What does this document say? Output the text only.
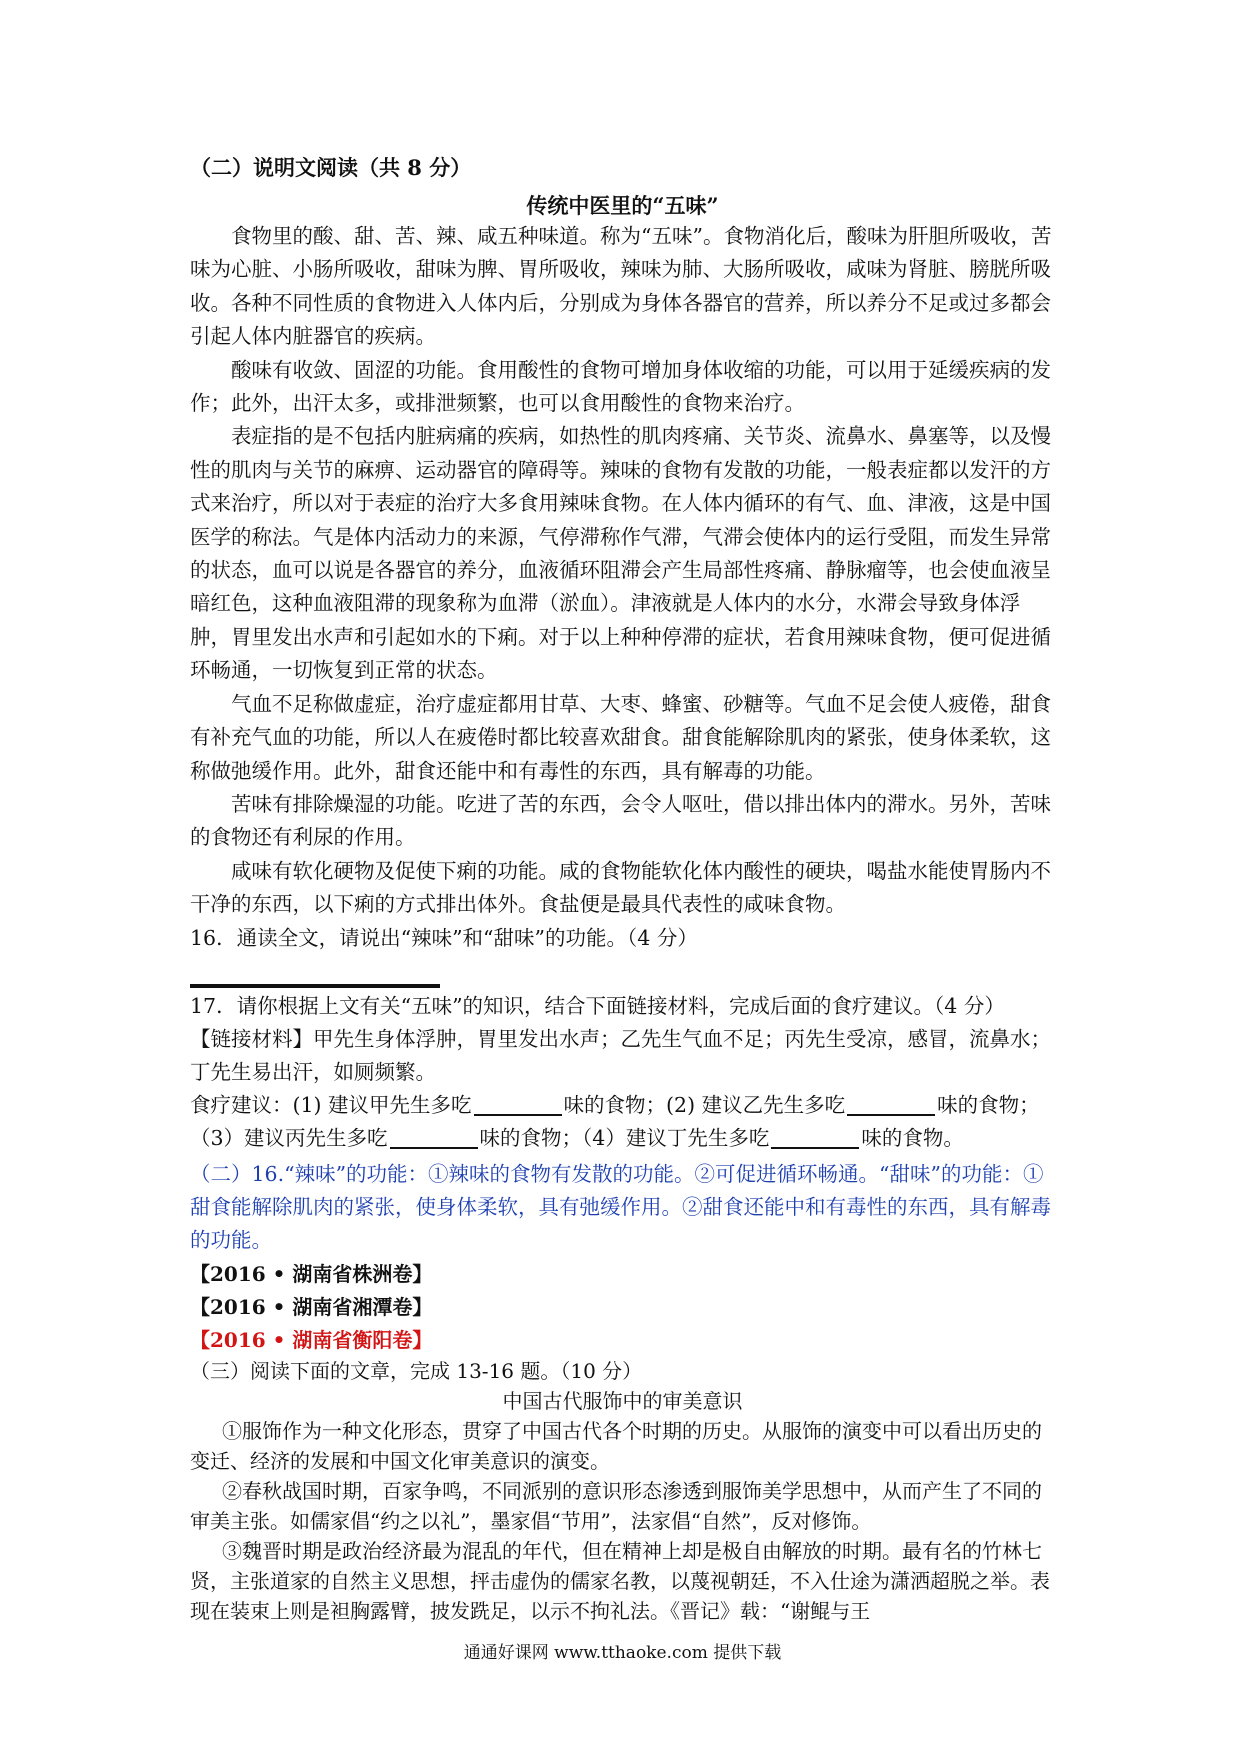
（二）说明文阅读（共 8 分）
传统中医里的“五味”

食物里的酸、甜、苦、辣、咸五种味道。称为“五味”。食物消化后，酸味为肝胆所吸收，苦味为心脏、小肠所吸收，甜味为脾、胃所吸收，辣味为肺、大肠所吸收，咸味为肾脏、膀胱所吸收。各种不同性质的食物进入人体内后，分别成为身体各器官的营养，所以养分不足或过多都会引起人体内脏器官的疾病。

酸味有收敛、固涩的功能。食用酸性的食物可增加身体收缩的功能，可以用于延缓疾病的发作；此外，出汗太多，或排泄频繁，也可以食用酸性的食物来治疗。

表症指的是不包括内脏病痛的疾病，如热性的肌肉疼痛、关节炎、流鼻水、鼻塞等，以及慢性的肌肉与关节的麻痹、运动器官的障碍等。辣味的食物有发散的功能，一般表症都以发汗的方式来治疗，所以对于表症的治疗大多食用辣味食物。在人体内循环的有气、血、津液，这是中国医学的称法。气是体内活动力的来源，气停滞称作气滞，气滞会使体内的运行受阻，而发生异常的状态，血可以说是各器官的养分，血液循环阻滞会产生局部性疼痛、静脉瘤等，也会使血液呈暗红色，这种血液阻滞的现象称为血滞（淤血）。津液就是人体内的水分，水滞会导致身体浮肿，胃里发出水声和引起如水的下痢。对于以上种种停滞的症状，若食用辣味食物，便可促进循环畅通，一切恢复到正常的状态。

气血不足称做虚症，治疗虚症都用甘草、大枣、蜂蜜、砂糖等。气血不足会使人疲倦，甜食有补充气血的功能，所以人在疲倦时都比较喜欢甜食。甜食能解除肌肉的紧张，使身体柔软，这称做弛缓作用。此外，甜食还能中和有毒性的东西，具有解毒的功能。

苦味有排除燥湿的功能。吃进了苦的东西，会令人呕吐，借以排出体内的滞水。另外，苦味的食物还有利尿的作用。

咸味有软化硬物及促使下痢的功能。咸的食物能软化体内酸性的硬块，喝盐水能使胃肠内不干净的东西，以下痢的方式排出体外。食盐便是最具代表性的咸味食物。

16．通读全文，请说出“辣味”和“甜味”的功能。（4 分）

17．请你根据上文有关“五味”的知识，结合下面链接材料，完成后面的食疗建议。（4 分）

【链接材料】甲先生身体浮肿，胃里发出水声；乙先生气血不足；丙先生受凉，感冒，流鼻水；丁先生易出汗，如厕频繁。

食疗建议：(1) 建议甲先生多吃	味的食物；(2) 建议乙先生多吃	味的食物；

（3）建议丙先生多吃	味的食物；（4）建议丁先生多吃	味的食物。

（二）16.“辣味”的功能：①辣味的食物有发散的功能。②可促进循环畅通。“甜味”的功能：①甜食能解除肌肉的紧张，使身体柔软，具有弛缓作用。②甜食还能中和有毒性的东西，具有解毒的功能。
【2016 • 湖南省株洲卷】
【2016 • 湖南省湘潭卷】
【2016 • 湖南省衡阳卷】

（三）阅读下面的文章，完成 13-16 题。（10 分）

中国古代服饰中的审美意识

①服饰作为一种文化形态，贯穿了中国古代各个时期的历史。从服饰的演变中可以看出历史的变迁、经济的发展和中国文化审美意识的演变。

②春秋战国时期，百家争鸣，不同派别的意识形态渗透到服饰美学思想中，从而产生了不同的审美主张。如儒家倡“约之以礼”，墨家倡“节用”，法家倡“自然”，反对修饰。

③魏晋时期是政治经济最为混乱的年代，但在精神上却是极自由解放的时期。最有名的竹林七贤，主张道家的自然主义思想，抨击虚伪的儒家名教，以蔑视朝廷，不入仕途为潇洒超脱之举。表现在装束上则是袒胸露臂，披发跣足，以示不拘礼法。《晋记》载：“谢鲲与王

通通好课网 www.tthaoke.com 提供下载
